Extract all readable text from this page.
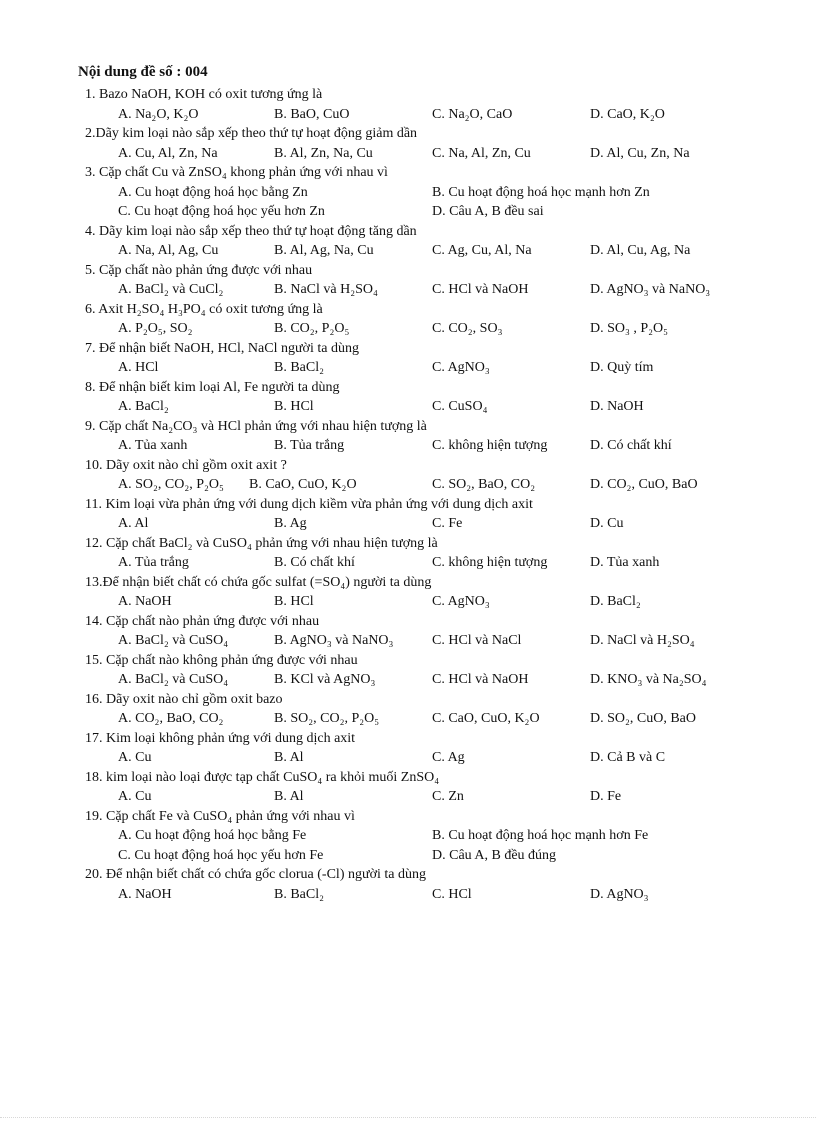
Nội dung đề số : 004
1. Bazo NaOH, KOH có oxit tương ứng là
A. Na₂O, K₂O	B. BaO, CuO	C. Na₂O, CaO	D. CaO, K₂O
2.Dãy kim loại nào sắp xếp theo thứ tự hoạt động giảm dần
A. Cu, Al, Zn, Na	B. Al, Zn, Na, Cu	C. Na, Al, Zn, Cu	D. Al, Cu, Zn, Na
3. Cặp chất Cu và ZnSO₄ khong phản ứng với nhau vì
A. Cu hoạt động hoá học bằng Zn	B. Cu hoạt động hoá học mạnh hơn Zn
C. Cu hoạt động hoá học yếu hơn Zn	D. Câu A, B đều sai
4. Dãy kim loại nào sắp xếp theo thứ tự hoạt động tăng dần
A. Na, Al, Ag, Cu	B. Al, Ag, Na, Cu	C. Ag, Cu, Al, Na	D. Al, Cu, Ag, Na
5. Cặp chất nào phản ứng được với nhau
A. BaCl₂ và CuCl₂	B. NaCl và H₂SO₄	C. HCl và NaOH	D. AgNO₃ và NaNO₃
6. Axit H₂SO₄ H₃PO₄ có oxit tương ứng là
A. P₂O₅, SO₂	B. CO₂, P₂O₅	C. CO₂, SO₃	D. SO₃ , P₂O₅
7. Để nhận biết NaOH, HCl, NaCl người ta dùng
A. HCl	B. BaCl₂	C. AgNO₃	D. Quỳ tím
8. Để nhận biết kim loại Al, Fe người ta dùng
A. BaCl₂	B. HCl	C. CuSO₄	D. NaOH
9. Cặp chất Na₂CO₃ và HCl phản ứng với nhau hiện tượng là
A. Tủa xanh	B. Tủa trắng	C. không hiện tượng	D. Có chất khí
10. Dãy oxit nào chỉ gồm oxit axit ?
A. SO₂, CO₂, P₂O₅ B. CaO, CuO, K₂O	C. SO₂, BaO, CO₂	D. CO₂, CuO, BaO
11. Kim loại vừa phản ứng với dung dịch kiềm vừa phản ứng với dung dịch axit
A. Al	B. Ag	C. Fe	D. Cu
12. Cặp chất BaCl₂ và CuSO₄ phản ứng với nhau hiện tượng là
A. Tủa trắng	B. Có chất khí	C. không hiện tượng	D. Tủa xanh
13.Để nhận biết chất có chứa gốc sulfat (=SO₄) người ta dùng
A. NaOH	B. HCl	C. AgNO₃	D. BaCl₂
14. Cặp chất nào phản ứng được với nhau
A. BaCl₂ và CuSO₄	B. AgNO₃ và NaNO₃	C. HCl và NaCl	D. NaCl và H₂SO₄
15. Cặp chất nào không phản ứng được với nhau
A. BaCl₂ và CuSO₄	B. KCl và AgNO₃	C. HCl và NaOH	D. KNO₃ và Na₂SO₄
16. Dãy oxit nào chỉ gồm oxit bazo
A. CO₂, BaO, CO₂	B. SO₂, CO₂, P₂O₅	C. CaO, CuO, K₂O	D. SO₂, CuO, BaO
17. Kim loại không phản ứng với dung dịch axit
A. Cu	B. Al	C. Ag	D. Cả B và C
18. kim loại nào loại được tạp chất CuSO₄ ra khỏi muối ZnSO₄
A. Cu	B. Al	C. Zn	D. Fe
19. Cặp chất Fe và CuSO₄ phản ứng với nhau vì
A. Cu hoạt động hoá học bằng Fe	B. Cu hoạt động hoá học mạnh hơn Fe
C. Cu hoạt động hoá học yếu hơn Fe	D. Câu A, B đều đúng
20. Để nhận biết chất có chứa gốc clorua (-Cl) người ta dùng
A. NaOH	B. BaCl₂	C. HCl	D. AgNO₃
